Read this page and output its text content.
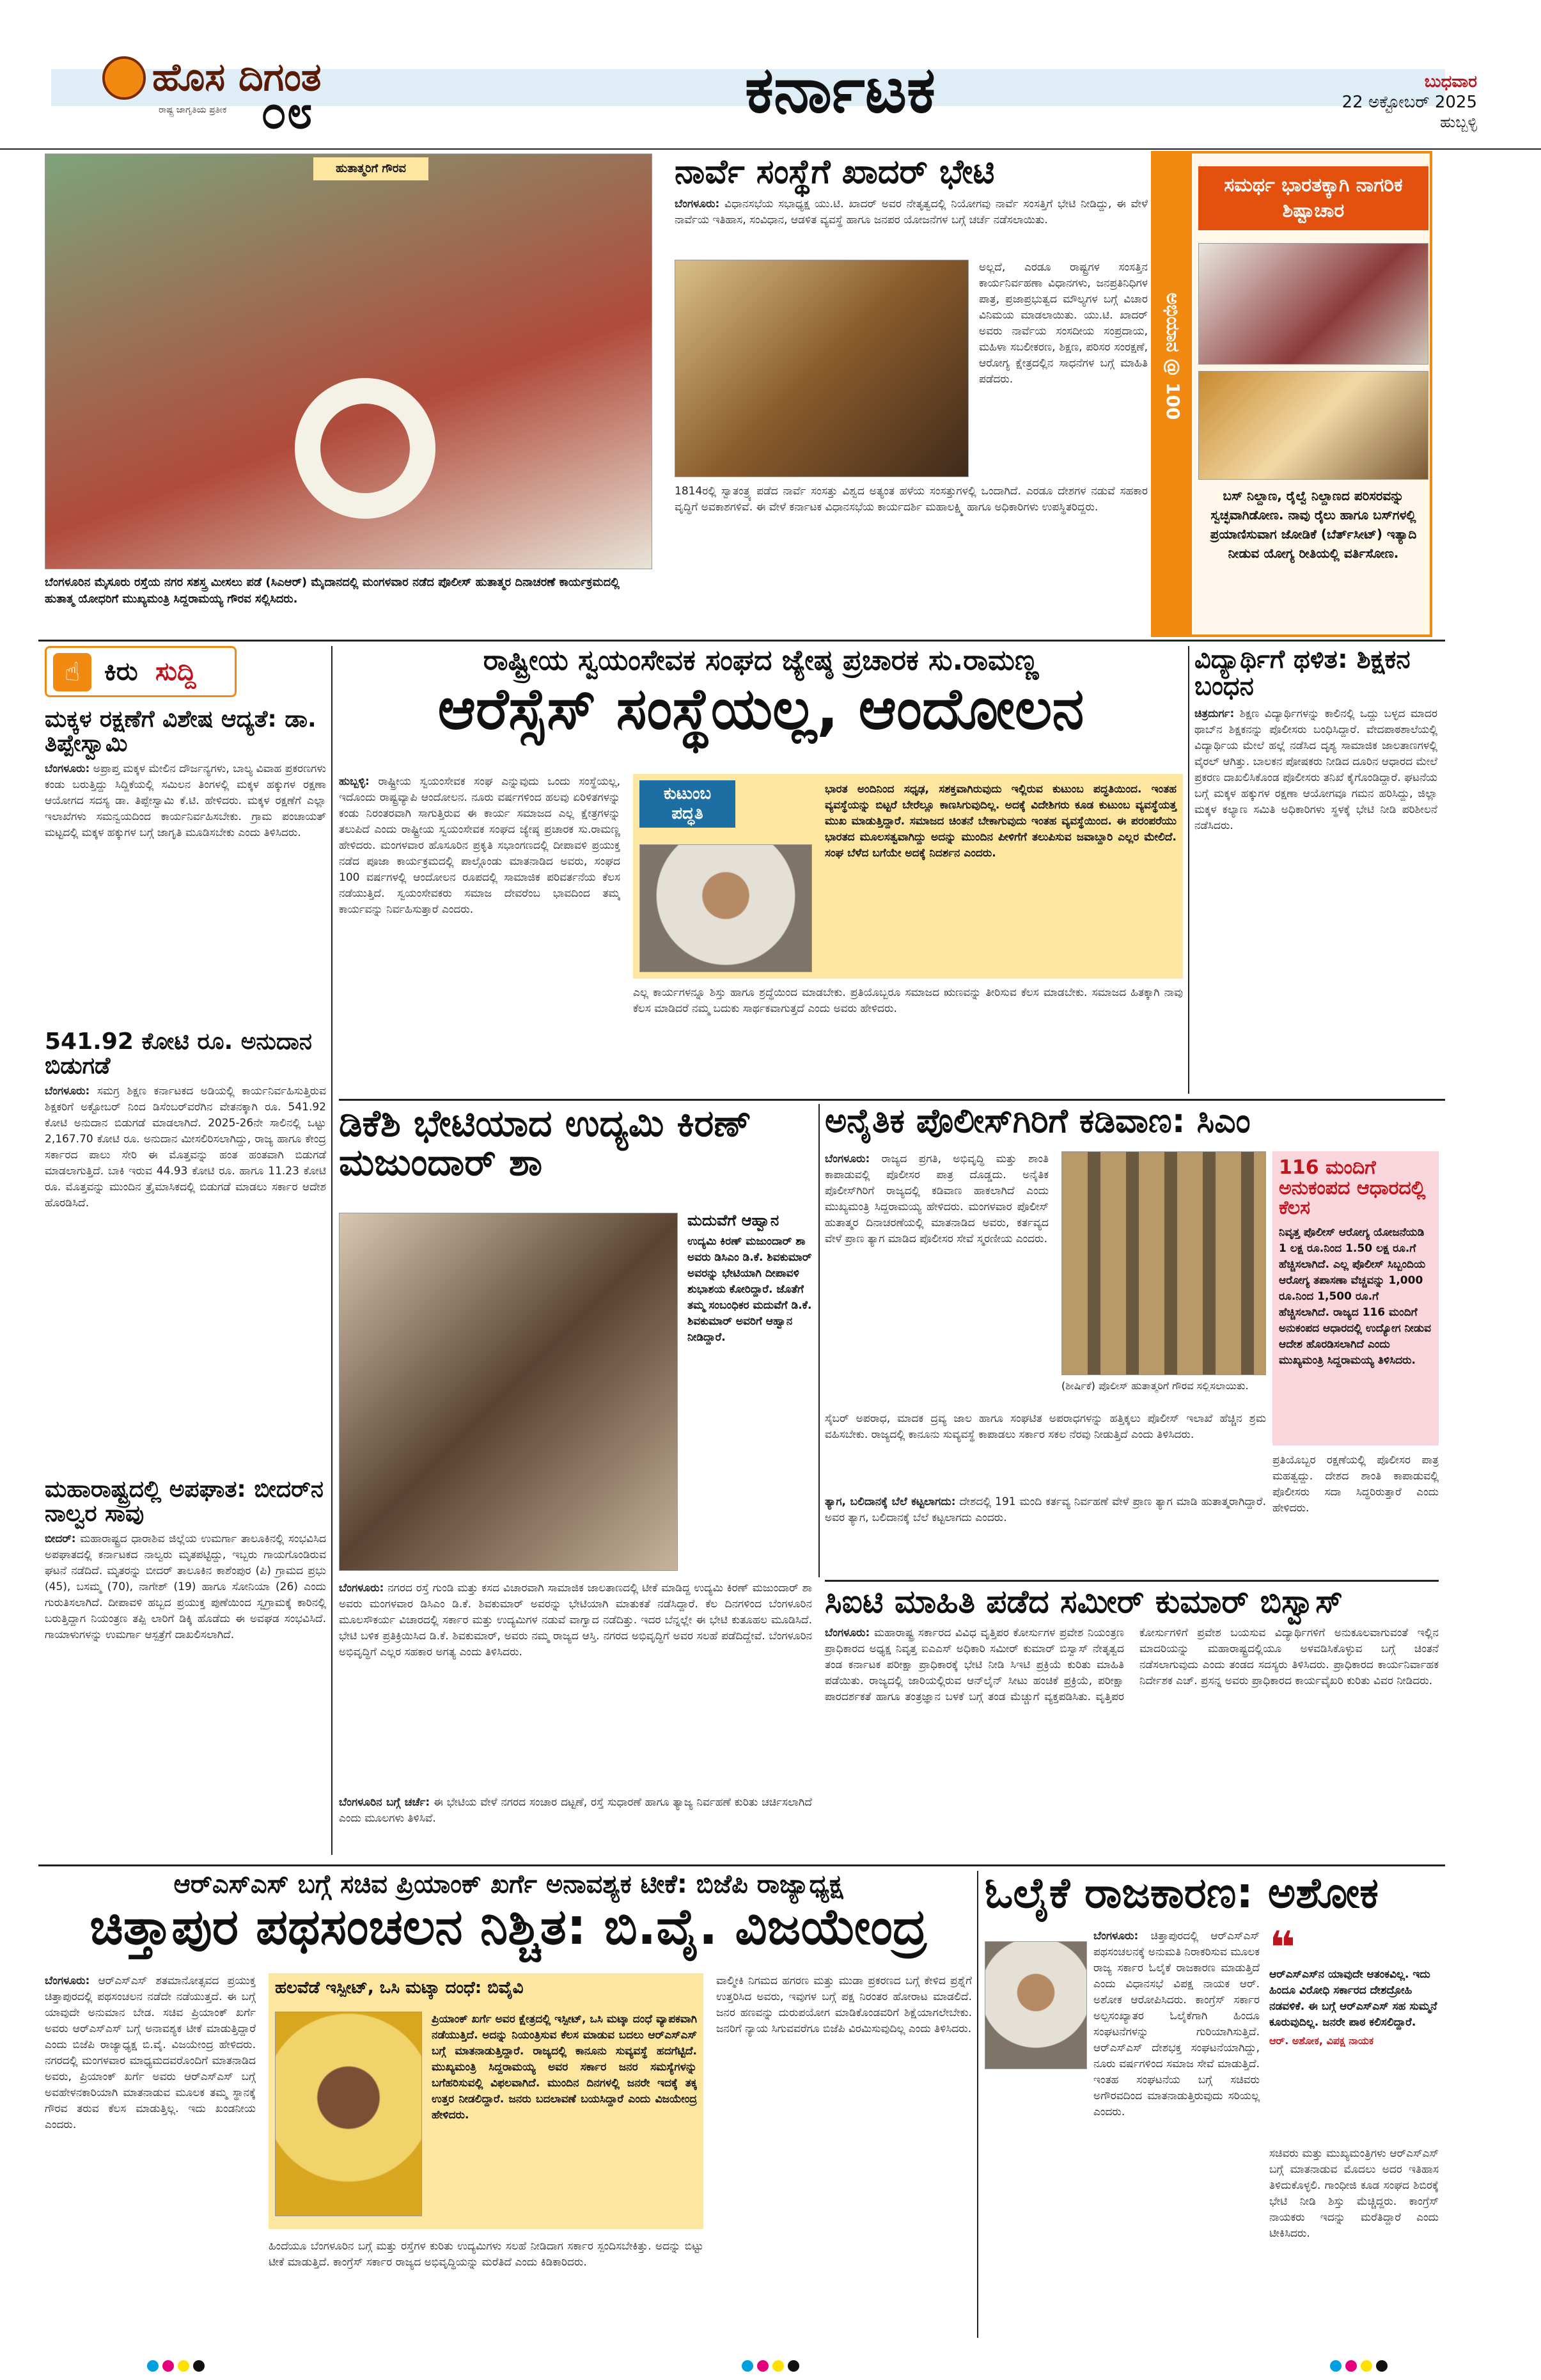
ಹೊಸ ದಿಗಂತ
ರಾಷ್ಟ್ರ ಜಾಗೃತಿಯ ಪ್ರತೀಕ ೦೮	ಕರ್ನಾಟಕ	ಬುಧವಾರ
22 ಅಕ್ಟೋಬರ್ 2025
ಹುಬ್ಬಳ್ಳಿ
ಹುತಾತ್ಮರಿಗೆ ಗೌರವ
ಬೆಂಗಳೂರಿನ ಮೈಸೂರು ರಸ್ತೆಯ ನಗರ ಸಶಸ್ತ್ರ ಮೀಸಲು ಪಡೆ (ಸಿಎಆರ್) ಮೈದಾನದಲ್ಲಿ ಮಂಗಳವಾರ ನಡೆದ ಪೊಲೀಸ್ ಹುತಾತ್ಮರ ದಿನಾಚರಣೆ ಕಾರ್ಯಕ್ರಮದಲ್ಲಿ ಹುತಾತ್ಮ ಯೋಧರಿಗೆ ಮುಖ್ಯಮಂತ್ರಿ ಸಿದ್ದರಾಮಯ್ಯ ಗೌರವ ಸಲ್ಲಿಸಿದರು.
ನಾರ್ವೆ ಸಂಸ್ಥೆಗೆ ಖಾದರ್ ಭೇಟಿ
ಬೆಂಗಳೂರು: ವಿಧಾನಸಭೆಯ ಸಭಾಧ್ಯಕ್ಷ ಯು.ಟಿ. ಖಾದರ್ ಅವರ ನೇತೃತ್ವದಲ್ಲಿ ನಿಯೋಗವು ನಾರ್ವೆ ಸಂಸತ್ತಿಗೆ ಭೇಟಿ ನೀಡಿದ್ದು, ಈ ವೇಳೆ ನಾರ್ವೆಯ ಇತಿಹಾಸ, ಸಂವಿಧಾನ, ಆಡಳಿತ ವ್ಯವಸ್ಥೆ ಹಾಗೂ ಜನಪರ ಯೋಜನೆಗಳ ಬಗ್ಗೆ ಚರ್ಚೆ ನಡೆಸಲಾಯಿತು.
ಅಲ್ಲದೆ, ಎರಡೂ ರಾಷ್ಟ್ರಗಳ ಸಂಸತ್ತಿನ ಕಾರ್ಯನಿರ್ವಹಣಾ ವಿಧಾನಗಳು, ಜನಪ್ರತಿನಿಧಿಗಳ ಪಾತ್ರ, ಪ್ರಜಾಪ್ರಭುತ್ವದ ಮೌಲ್ಯಗಳ ಬಗ್ಗೆ ವಿಚಾರ ವಿನಿಮಯ ಮಾಡಲಾಯಿತು. ಯು.ಟಿ. ಖಾದರ್ ಅವರು ನಾರ್ವೆಯ ಸಂಸದೀಯ ಸಂಪ್ರದಾಯ, ಮಹಿಳಾ ಸಬಲೀಕರಣ, ಶಿಕ್ಷಣ, ಪರಿಸರ ಸಂರಕ್ಷಣೆ, ಆರೋಗ್ಯ ಕ್ಷೇತ್ರದಲ್ಲಿನ ಸಾಧನೆಗಳ ಬಗ್ಗೆ ಮಾಹಿತಿ ಪಡೆದರು.
1814ರಲ್ಲಿ ಸ್ವಾತಂತ್ರ್ಯ ಪಡೆದ ನಾರ್ವೆ ಸಂಸತ್ತು ವಿಶ್ವದ ಅತ್ಯಂತ ಹಳೆಯ ಸಂಸತ್ತುಗಳಲ್ಲಿ ಒಂದಾಗಿದೆ. ಎರಡೂ ದೇಶಗಳ ನಡುವೆ ಸಹಕಾರ ವೃದ್ಧಿಗೆ ಅವಕಾಶಗಳಿವೆ. ಈ ವೇಳೆ ಕರ್ನಾಟಕ ವಿಧಾನಸಭೆಯ ಕಾರ್ಯದರ್ಶಿ ಮಹಾಲಕ್ಷ್ಮಿ ಹಾಗೂ ಅಧಿಕಾರಿಗಳು ಉಪಸ್ಥಿತರಿದ್ದರು.
ಅಭಿಯಾನ @ 100
ಸಮರ್ಥ ಭಾರತಕ್ಕಾಗಿ ನಾಗರಿಕ ಶಿಷ್ಟಾಚಾರ
ಬಸ್ ನಿಲ್ದಾಣ, ರೈಲ್ವೆ ನಿಲ್ದಾಣದ ಪರಿಸರವನ್ನು ಸ್ವಚ್ಛವಾಗಿಡೋಣ. ನಾವು ರೈಲು ಹಾಗೂ ಬಸ್‌ಗಳಲ್ಲಿ ಪ್ರಯಾಣಿಸುವಾಗ ಜೋಡಿಕೆ (ಬೆರ್ತ್‌ಸೀಟ್) ಇತ್ಯಾದಿ ನೀಡುವ ಯೋಗ್ಯ ರೀತಿಯಲ್ಲಿ ವರ್ತಿಸೋಣ.
☝ ಕಿರು ಸುದ್ದಿ
ಮಕ್ಕಳ ರಕ್ಷಣೆಗೆ ವಿಶೇಷ ಆದ್ಯತೆ: ಡಾ. ತಿಪ್ಪೇಸ್ವಾಮಿ
ಬೆಂಗಳೂರು: ಅಪ್ರಾಪ್ತ ಮಕ್ಕಳ ಮೇಲಿನ ದೌರ್ಜನ್ಯಗಳು, ಬಾಲ್ಯ ವಿವಾಹ ಪ್ರಕರಣಗಳು ಕಂಡು ಬರುತ್ತಿದ್ದು ಸಿದ್ದಿಕೆಯಲ್ಲಿ ಸಮಿಲನ ತಿಂಗಳಲ್ಲಿ ಮಕ್ಕಳ ಹಕ್ಕುಗಳ ರಕ್ಷಣಾ ಆಯೋಗದ ಸದಸ್ಯ ಡಾ. ತಿಪ್ಪೇಸ್ವಾಮಿ ಕೆ.ಟಿ. ಹೇಳಿದರು. ಮಕ್ಕಳ ರಕ್ಷಣೆಗೆ ಎಲ್ಲಾ ಇಲಾಖೆಗಳು ಸಮನ್ವಯದಿಂದ ಕಾರ್ಯನಿರ್ವಹಿಸಬೇಕು. ಗ್ರಾಮ ಪಂಚಾಯತ್ ಮಟ್ಟದಲ್ಲಿ ಮಕ್ಕಳ ಹಕ್ಕುಗಳ ಬಗ್ಗೆ ಜಾಗೃತಿ ಮೂಡಿಸಬೇಕು ಎಂದು ತಿಳಿಸಿದರು.
541.92 ಕೋಟಿ ರೂ. ಅನುದಾನ ಬಿಡುಗಡೆ
ಬೆಂಗಳೂರು: ಸಮಗ್ರ ಶಿಕ್ಷಣ ಕರ್ನಾಟಕದ ಅಡಿಯಲ್ಲಿ ಕಾರ್ಯನಿರ್ವಹಿಸುತ್ತಿರುವ ಶಿಕ್ಷಕರಿಗೆ ಅಕ್ಟೋಬರ್ ನಿಂದ ಡಿಸೆಂಬರ್‌ವರೆಗಿನ ವೇತನಕ್ಕಾಗಿ ರೂ. 541.92 ಕೋಟಿ ಅನುದಾನ ಬಿಡುಗಡೆ ಮಾಡಲಾಗಿದೆ. 2025-26ನೇ ಸಾಲಿನಲ್ಲಿ ಒಟ್ಟು 2,167.70 ಕೋಟಿ ರೂ. ಅನುದಾನ ಮೀಸಲಿರಿಸಲಾಗಿದ್ದು, ರಾಜ್ಯ ಹಾಗೂ ಕೇಂದ್ರ ಸರ್ಕಾರದ ಪಾಲು ಸೇರಿ ಈ ಮೊತ್ತವನ್ನು ಹಂತ ಹಂತವಾಗಿ ಬಿಡುಗಡೆ ಮಾಡಲಾಗುತ್ತಿದೆ. ಬಾಕಿ ಇರುವ 44.93 ಕೋಟಿ ರೂ. ಹಾಗೂ 11.23 ಕೋಟಿ ರೂ. ಮೊತ್ತವನ್ನು ಮುಂದಿನ ತ್ರೈಮಾಸಿಕದಲ್ಲಿ ಬಿಡುಗಡೆ ಮಾಡಲು ಸರ್ಕಾರ ಆದೇಶ ಹೊರಡಿಸಿದೆ.
ಮಹಾರಾಷ್ಟ್ರದಲ್ಲಿ ಅಪಘಾತ: ಬೀದರ್‌ನ ನಾಲ್ವರ ಸಾವು
ಬೀದರ್: ಮಹಾರಾಷ್ಟ್ರದ ಧಾರಾಶಿವ ಜಿಲ್ಲೆಯ ಉಮರ್ಗಾ ತಾಲೂಕಿನಲ್ಲಿ ಸಂಭವಿಸಿದ ಅಪಘಾತದಲ್ಲಿ ಕರ್ನಾಟಕದ ನಾಲ್ವರು ಮೃತಪಟ್ಟಿದ್ದು, ಇಬ್ಬರು ಗಾಯಗೊಂಡಿರುವ ಘಟನೆ ನಡೆದಿದೆ. ಮೃತರನ್ನು ಬೀದರ್ ತಾಲೂಕಿನ ಕಾಶೆಂಪುರ (ಪಿ) ಗ್ರಾಮದ ಪ್ರಭು (45), ಬಸಮ್ಮ (70), ನಾಗೇಶ್ (19) ಹಾಗೂ ಸೋನಿಯಾ (26) ಎಂದು ಗುರುತಿಸಲಾಗಿದೆ. ದೀಪಾವಳಿ ಹಬ್ಬದ ಪ್ರಯುಕ್ತ ಪುಣೆಯಿಂದ ಸ್ವಗ್ರಾಮಕ್ಕೆ ಕಾರಿನಲ್ಲಿ ಬರುತ್ತಿದ್ದಾಗ ನಿಯಂತ್ರಣ ತಪ್ಪಿ ಲಾರಿಗೆ ಡಿಕ್ಕಿ ಹೊಡೆದು ಈ ಅವಘಡ ಸಂಭವಿಸಿದೆ. ಗಾಯಾಳುಗಳನ್ನು ಉಮರ್ಗಾ ಆಸ್ಪತ್ರೆಗೆ ದಾಖಲಿಸಲಾಗಿದೆ.
ರಾಷ್ಟ್ರೀಯ ಸ್ವಯಂಸೇವಕ ಸಂಘದ ಜ್ಯೇಷ್ಠ ಪ್ರಚಾರಕ ಸು.ರಾಮಣ್ಣ
ಆರೆಸ್ಸೆಸ್ ಸಂಸ್ಥೆಯಲ್ಲ, ಆಂದೋಲನ
ಹುಬ್ಬಳ್ಳಿ: ರಾಷ್ಟ್ರೀಯ ಸ್ವಯಂಸೇವಕ ಸಂಘ ಎನ್ನುವುದು ಒಂದು ಸಂಸ್ಥೆಯಲ್ಲ, ಇದೊಂದು ರಾಷ್ಟ್ರವ್ಯಾಪಿ ಆಂದೋಲನ. ನೂರು ವರ್ಷಗಳಿಂದ ಹಲವು ಏರಿಳಿತಗಳನ್ನು ಕಂಡು ನಿರಂತರವಾಗಿ ಸಾಗುತ್ತಿರುವ ಈ ಕಾರ್ಯ ಸಮಾಜದ ಎಲ್ಲ ಕ್ಷೇತ್ರಗಳನ್ನು ತಲುಪಿದೆ ಎಂದು ರಾಷ್ಟ್ರೀಯ ಸ್ವಯಂಸೇವಕ ಸಂಘದ ಜ್ಯೇಷ್ಠ ಪ್ರಚಾರಕ ಸು.ರಾಮಣ್ಣ ಹೇಳಿದರು. ಮಂಗಳವಾರ ಹೊಸೂರಿನ ಪ್ರಕೃತಿ ಸಭಾಂಗಣದಲ್ಲಿ ದೀಪಾವಳಿ ಪ್ರಯುಕ್ತ ನಡೆದ ಪೂಜಾ ಕಾರ್ಯಕ್ರಮದಲ್ಲಿ ಪಾಲ್ಗೊಂಡು ಮಾತನಾಡಿದ ಅವರು, ಸಂಘದ 100 ವರ್ಷಗಳಲ್ಲಿ ಆಂದೋಲನ ರೂಪದಲ್ಲಿ ಸಾಮಾಜಿಕ ಪರಿವರ್ತನೆಯ ಕೆಲಸ ನಡೆಯುತ್ತಿದೆ. ಸ್ವಯಂಸೇವಕರು ಸಮಾಜ ದೇವರೆಂಬ ಭಾವದಿಂದ ತಮ್ಮ ಕಾರ್ಯವನ್ನು ನಿರ್ವಹಿಸುತ್ತಾರೆ ಎಂದರು.
ಕುಟುಂಬ
ಪದ್ಧತಿ
ಭಾರತ ಅಂದಿನಿಂದ ಸಧೃಢ, ಸಶಕ್ತವಾಗಿರುವುದು ಇಲ್ಲಿರುವ ಕುಟುಂಬ ಪದ್ಧತಿಯಿಂದ. ಇಂತಹ ವ್ಯವಸ್ಥೆಯನ್ನು ಬಿಟ್ಟರೆ ಬೇರೆಲ್ಲೂ ಕಾಣಸಿಗುವುದಿಲ್ಲ. ಅದಕ್ಕೆ ವಿದೇಶಿಗರು ಕೂಡ ಕುಟುಂಬ ವ್ಯವಸ್ಥೆಯತ್ತ ಮುಖ ಮಾಡುತ್ತಿದ್ದಾರೆ. ಸಮಾಜದ ಚಿಂತನೆ ಬೇಕಾಗುವುದು ಇಂತಹ ವ್ಯವಸ್ಥೆಯಿಂದ. ಈ ಪರಂಪರೆಯು ಭಾರತದ ಮೂಲಸತ್ವವಾಗಿದ್ದು ಅದನ್ನು ಮುಂದಿನ ಪೀಳಿಗೆಗೆ ತಲುಪಿಸುವ ಜವಾಬ್ದಾರಿ ಎಲ್ಲರ ಮೇಲಿದೆ. ಸಂಘ ಬೆಳೆದ ಬಗೆಯೇ ಅದಕ್ಕೆ ನಿದರ್ಶನ ಎಂದರು.
ಎಲ್ಲ ಕಾರ್ಯಗಳನ್ನೂ ಶಿಸ್ತು ಹಾಗೂ ಶ್ರದ್ಧೆಯಿಂದ ಮಾಡಬೇಕು. ಪ್ರತಿಯೊಬ್ಬರೂ ಸಮಾಜದ ಋಣವನ್ನು ತೀರಿಸುವ ಕೆಲಸ ಮಾಡಬೇಕು. ಸಮಾಜದ ಹಿತಕ್ಕಾಗಿ ನಾವು ಕೆಲಸ ಮಾಡಿದರೆ ನಮ್ಮ ಬದುಕು ಸಾರ್ಥಕವಾಗುತ್ತದೆ ಎಂದು ಅವರು ಹೇಳಿದರು.
ವಿದ್ಯಾರ್ಥಿಗೆ ಥಳಿತ: ಶಿಕ್ಷಕನ ಬಂಧನ
ಚಿತ್ರದುರ್ಗ: ಶಿಕ್ಷಣ ವಿದ್ಯಾರ್ಥಿಗಳನ್ನು ಕಾಲಿನಲ್ಲಿ ಒದ್ದು ಬಳ್ಳದ ಮಾದರ ಥಾಬ್‌ನ ಶಿಕ್ಷಕನನ್ನು ಪೊಲೀಸರು ಬಂಧಿಸಿದ್ದಾರೆ. ವೇದಪಾಠಶಾಲೆಯಲ್ಲಿ ವಿದ್ಯಾರ್ಥಿಯ ಮೇಲೆ ಹಲ್ಲೆ ನಡೆಸಿದ ದೃಶ್ಯ ಸಾಮಾಜಿಕ ಜಾಲತಾಣಗಳಲ್ಲಿ ವೈರಲ್ ಆಗಿತ್ತು. ಬಾಲಕನ ಪೋಷಕರು ನೀಡಿದ ದೂರಿನ ಆಧಾರದ ಮೇಲೆ ಪ್ರಕರಣ ದಾಖಲಿಸಿಕೊಂಡ ಪೊಲೀಸರು ತನಿಖೆ ಕೈಗೊಂಡಿದ್ದಾರೆ. ಘಟನೆಯ ಬಗ್ಗೆ ಮಕ್ಕಳ ಹಕ್ಕುಗಳ ರಕ್ಷಣಾ ಆಯೋಗವೂ ಗಮನ ಹರಿಸಿದ್ದು, ಜಿಲ್ಲಾ ಮಕ್ಕಳ ಕಲ್ಯಾಣ ಸಮಿತಿ ಅಧಿಕಾರಿಗಳು ಸ್ಥಳಕ್ಕೆ ಭೇಟಿ ನೀಡಿ ಪರಿಶೀಲನೆ ನಡೆಸಿದರು.
ಡಿಕೆಶಿ ಭೇಟಿಯಾದ ಉದ್ಯಮಿ ಕಿರಣ್ ಮಜುಂದಾರ್ ಶಾ
ಮದುವೆಗೆ ಆಹ್ವಾನ
ಉದ್ಯಮಿ ಕಿರಣ್ ಮಜುಂದಾರ್ ಶಾ ಅವರು ಡಿಸಿಎಂ ಡಿ.ಕೆ. ಶಿವಕುಮಾರ್ ಅವರನ್ನು ಭೇಟಿಯಾಗಿ ದೀಪಾವಳಿ ಶುಭಾಶಯ ಕೋರಿದ್ದಾರೆ. ಜೊತೆಗೆ ತಮ್ಮ ಸಂಬಂಧಿಕರ ಮದುವೆಗೆ ಡಿ.ಕೆ. ಶಿವಕುಮಾರ್ ಅವರಿಗೆ ಆಹ್ವಾನ ನೀಡಿದ್ದಾರೆ.
ಬೆಂಗಳೂರು: ನಗರದ ರಸ್ತೆ ಗುಂಡಿ ಮತ್ತು ಕಸದ ವಿಚಾರವಾಗಿ ಸಾಮಾಜಿಕ ಜಾಲತಾಣದಲ್ಲಿ ಟೀಕೆ ಮಾಡಿದ್ದ ಉದ್ಯಮಿ ಕಿರಣ್ ಮಜುಂದಾರ್ ಶಾ ಅವರು ಮಂಗಳವಾರ ಡಿಸಿಎಂ ಡಿ.ಕೆ. ಶಿವಕುಮಾರ್ ಅವರನ್ನು ಭೇಟಿಯಾಗಿ ಮಾತುಕತೆ ನಡೆಸಿದ್ದಾರೆ. ಕೆಲ ದಿನಗಳಿಂದ ಬೆಂಗಳೂರಿನ ಮೂಲಸೌಕರ್ಯ ವಿಚಾರದಲ್ಲಿ ಸರ್ಕಾರ ಮತ್ತು ಉದ್ಯಮಿಗಳ ನಡುವೆ ವಾಗ್ವಾದ ನಡೆದಿತ್ತು. ಇದರ ಬೆನ್ನಲ್ಲೇ ಈ ಭೇಟಿ ಕುತೂಹಲ ಮೂಡಿಸಿದೆ. ಭೇಟಿ ಬಳಿಕ ಪ್ರತಿಕ್ರಿಯಿಸಿದ ಡಿ.ಕೆ. ಶಿವಕುಮಾರ್, ಅವರು ನಮ್ಮ ರಾಜ್ಯದ ಆಸ್ತಿ. ನಗರದ ಅಭಿವೃದ್ಧಿಗೆ ಅವರ ಸಲಹೆ ಪಡೆದಿದ್ದೇವೆ. ಬೆಂಗಳೂರಿನ ಅಭಿವೃದ್ಧಿಗೆ ಎಲ್ಲರ ಸಹಕಾರ ಅಗತ್ಯ ಎಂದು ತಿಳಿಸಿದರು.
ಬೆಂಗಳೂರಿನ ಬಗ್ಗೆ ಚರ್ಚೆ: ಈ ಭೇಟಿಯ ವೇಳೆ ನಗರದ ಸಂಚಾರ ದಟ್ಟಣೆ, ರಸ್ತೆ ಸುಧಾರಣೆ ಹಾಗೂ ತ್ಯಾಜ್ಯ ನಿರ್ವಹಣೆ ಕುರಿತು ಚರ್ಚಿಸಲಾಗಿದೆ ಎಂದು ಮೂಲಗಳು ತಿಳಿಸಿವೆ.
ಅನೈತಿಕ ಪೊಲೀಸ್‌ಗಿರಿಗೆ ಕಡಿವಾಣ: ಸಿಎಂ
ಬೆಂಗಳೂರು: ರಾಜ್ಯದ ಪ್ರಗತಿ, ಅಭಿವೃದ್ಧಿ ಮತ್ತು ಶಾಂತಿ ಕಾಪಾಡುವಲ್ಲಿ ಪೊಲೀಸರ ಪಾತ್ರ ದೊಡ್ಡದು. ಅನೈತಿಕ ಪೊಲೀಸ್‌ಗಿರಿಗೆ ರಾಜ್ಯದಲ್ಲಿ ಕಡಿವಾಣ ಹಾಕಲಾಗಿದೆ ಎಂದು ಮುಖ್ಯಮಂತ್ರಿ ಸಿದ್ದರಾಮಯ್ಯ ಹೇಳಿದರು. ಮಂಗಳವಾರ ಪೊಲೀಸ್ ಹುತಾತ್ಮರ ದಿನಾಚರಣೆಯಲ್ಲಿ ಮಾತನಾಡಿದ ಅವರು, ಕರ್ತವ್ಯದ ವೇಳೆ ಪ್ರಾಣ ತ್ಯಾಗ ಮಾಡಿದ ಪೊಲೀಸರ ಸೇವೆ ಸ್ಮರಣೀಯ ಎಂದರು.
(ಶೀರ್ಷಿಕೆ) ಪೊಲೀಸ್ ಹುತಾತ್ಮರಿಗೆ ಗೌರವ ಸಲ್ಲಿಸಲಾಯಿತು.
ಸೈಬರ್ ಅಪರಾಧ, ಮಾದಕ ದ್ರವ್ಯ ಜಾಲ ಹಾಗೂ ಸಂಘಟಿತ ಅಪರಾಧಗಳನ್ನು ಹತ್ತಿಕ್ಕಲು ಪೊಲೀಸ್ ಇಲಾಖೆ ಹೆಚ್ಚಿನ ಶ್ರಮ ವಹಿಸಬೇಕು. ರಾಜ್ಯದಲ್ಲಿ ಕಾನೂನು ಸುವ್ಯವಸ್ಥೆ ಕಾಪಾಡಲು ಸರ್ಕಾರ ಸಕಲ ನೆರವು ನೀಡುತ್ತಿದೆ ಎಂದು ತಿಳಿಸಿದರು.
ತ್ಯಾಗ, ಬಲಿದಾನಕ್ಕೆ ಬೆಲೆ ಕಟ್ಟಲಾಗದು: ದೇಶದಲ್ಲಿ 191 ಮಂದಿ ಕರ್ತವ್ಯ ನಿರ್ವಹಣೆ ವೇಳೆ ಪ್ರಾಣ ತ್ಯಾಗ ಮಾಡಿ ಹುತಾತ್ಮರಾಗಿದ್ದಾರೆ. ಅವರ ತ್ಯಾಗ, ಬಲಿದಾನಕ್ಕೆ ಬೆಲೆ ಕಟ್ಟಲಾಗದು ಎಂದರು.
116 ಮಂದಿಗೆ ಅನುಕಂಪದ ಆಧಾರದಲ್ಲಿ ಕೆಲಸ
ನಿವೃತ್ತ ಪೊಲೀಸ್ ಆರೋಗ್ಯ ಯೋಜನೆಯಡಿ 1 ಲಕ್ಷ ರೂ.ನಿಂದ 1.50 ಲಕ್ಷ ರೂ.ಗೆ ಹೆಚ್ಚಿಸಲಾಗಿದೆ. ಎಲ್ಲ ಪೊಲೀಸ್ ಸಿಬ್ಬಂದಿಯ ಆರೋಗ್ಯ ತಪಾಸಣಾ ವೆಚ್ಚವನ್ನು 1,000 ರೂ.ನಿಂದ 1,500 ರೂ.ಗೆ ಹೆಚ್ಚಿಸಲಾಗಿದೆ. ರಾಜ್ಯದ 116 ಮಂದಿಗೆ ಅನುಕಂಪದ ಆಧಾರದಲ್ಲಿ ಉದ್ಯೋಗ ನೀಡುವ ಆದೇಶ ಹೊರಡಿಸಲಾಗಿದೆ ಎಂದು ಮುಖ್ಯಮಂತ್ರಿ ಸಿದ್ದರಾಮಯ್ಯ ತಿಳಿಸಿದರು.
ಪ್ರತಿಯೊಬ್ಬರ ರಕ್ಷಣೆಯಲ್ಲಿ ಪೊಲೀಸರ ಪಾತ್ರ ಮಹತ್ವದ್ದು. ದೇಶದ ಶಾಂತಿ ಕಾಪಾಡುವಲ್ಲಿ ಪೊಲೀಸರು ಸದಾ ಸಿದ್ಧರಿರುತ್ತಾರೆ ಎಂದು ಹೇಳಿದರು.
ಸಿಐಟಿ ಮಾಹಿತಿ ಪಡೆದ ಸಮೀರ್ ಕುಮಾರ್ ಬಿಸ್ವಾಸ್
ಬೆಂಗಳೂರು: ಮಹಾರಾಷ್ಟ್ರ ಸರ್ಕಾರದ ವಿವಿಧ ವೃತ್ತಿಪರ ಕೋರ್ಸುಗಳ ಪ್ರವೇಶ ನಿಯಂತ್ರಣ ಪ್ರಾಧಿಕಾರದ ಅಧ್ಯಕ್ಷ ನಿವೃತ್ತ ಐಎಎಸ್ ಅಧಿಕಾರಿ ಸಮೀರ್ ಕುಮಾರ್ ಬಿಸ್ವಾಸ್ ನೇತೃತ್ವದ ತಂಡ ಕರ್ನಾಟಕ ಪರೀಕ್ಷಾ ಪ್ರಾಧಿಕಾರಕ್ಕೆ ಭೇಟಿ ನೀಡಿ ಸಿಇಟಿ ಪ್ರಕ್ರಿಯೆ ಕುರಿತು ಮಾಹಿತಿ ಪಡೆಯಿತು. ರಾಜ್ಯದಲ್ಲಿ ಜಾರಿಯಲ್ಲಿರುವ ಆನ್‌ಲೈನ್ ಸೀಟು ಹಂಚಿಕೆ ಪ್ರಕ್ರಿಯೆ, ಪರೀಕ್ಷಾ ಪಾರದರ್ಶಕತೆ ಹಾಗೂ ತಂತ್ರಜ್ಞಾನ ಬಳಕೆ ಬಗ್ಗೆ ತಂಡ ಮೆಚ್ಚುಗೆ ವ್ಯಕ್ತಪಡಿಸಿತು. ವೃತ್ತಿಪರ ಕೋರ್ಸುಗಳಿಗೆ ಪ್ರವೇಶ ಬಯಸುವ ವಿದ್ಯಾರ್ಥಿಗಳಿಗೆ ಅನುಕೂಲವಾಗುವಂತೆ ಇಲ್ಲಿನ ಮಾದರಿಯನ್ನು ಮಹಾರಾಷ್ಟ್ರದಲ್ಲಿಯೂ ಅಳವಡಿಸಿಕೊಳ್ಳುವ ಬಗ್ಗೆ ಚಿಂತನೆ ನಡೆಸಲಾಗುವುದು ಎಂದು ತಂಡದ ಸದಸ್ಯರು ತಿಳಿಸಿದರು. ಪ್ರಾಧಿಕಾರದ ಕಾರ್ಯನಿರ್ವಾಹಕ ನಿರ್ದೇಶಕ ಎಚ್. ಪ್ರಸನ್ನ ಅವರು ಪ್ರಾಧಿಕಾರದ ಕಾರ್ಯವೈಖರಿ ಕುರಿತು ವಿವರ ನೀಡಿದರು.
ಆರ್‌ಎಸ್‌ಎಸ್ ಬಗ್ಗೆ ಸಚಿವ ಪ್ರಿಯಾಂಕ್ ಖರ್ಗೆ ಅನಾವಶ್ಯಕ ಟೀಕೆ: ಬಿಜೆಪಿ ರಾಜ್ಯಾಧ್ಯಕ್ಷ
ಚಿತ್ತಾಪುರ ಪಥಸಂಚಲನ ನಿಶ್ಚಿತ: ಬಿ.ವೈ. ವಿಜಯೇಂದ್ರ
ಬೆಂಗಳೂರು: ಆರ್‌ಎಸ್‌ಎಸ್ ಶತಮಾನೋತ್ಸವದ ಪ್ರಯುಕ್ತ ಚಿತ್ತಾಪುರದಲ್ಲಿ ಪಥಸಂಚಲನ ನಡೆದೇ ನಡೆಯುತ್ತದೆ. ಈ ಬಗ್ಗೆ ಯಾವುದೇ ಅನುಮಾನ ಬೇಡ. ಸಚಿವ ಪ್ರಿಯಾಂಕ್ ಖರ್ಗೆ ಅವರು ಆರ್‌ಎಸ್‌ಎಸ್ ಬಗ್ಗೆ ಅನಾವಶ್ಯಕ ಟೀಕೆ ಮಾಡುತ್ತಿದ್ದಾರೆ ಎಂದು ಬಿಜೆಪಿ ರಾಜ್ಯಾಧ್ಯಕ್ಷ ಬಿ.ವೈ. ವಿಜಯೇಂದ್ರ ಹೇಳಿದರು. ನಗರದಲ್ಲಿ ಮಂಗಳವಾರ ಮಾಧ್ಯಮದವರೊಂದಿಗೆ ಮಾತನಾಡಿದ ಅವರು, ಪ್ರಿಯಾಂಕ್ ಖರ್ಗೆ ಅವರು ಆರ್‌ಎಸ್‌ಎಸ್ ಬಗ್ಗೆ ಅವಹೇಳನಕಾರಿಯಾಗಿ ಮಾತನಾಡುವ ಮೂಲಕ ತಮ್ಮ ಸ್ಥಾನಕ್ಕೆ ಗೌರವ ತರುವ ಕೆಲಸ ಮಾಡುತ್ತಿಲ್ಲ. ಇದು ಖಂಡನೀಯ ಎಂದರು.
ಹಲವೆಡೆ ಇಸ್ಪೀಟ್, ಒಸಿ ಮಟ್ಕಾ ದಂಧೆ: ಬಿವೈವಿ
ಪ್ರಿಯಾಂಕ್ ಖರ್ಗೆ ಅವರ ಕ್ಷೇತ್ರದಲ್ಲಿ ಇಸ್ಪೀಟ್, ಒಸಿ ಮಟ್ಕಾ ದಂಧೆ ವ್ಯಾಪಕವಾಗಿ ನಡೆಯುತ್ತಿದೆ. ಅದನ್ನು ನಿಯಂತ್ರಿಸುವ ಕೆಲಸ ಮಾಡುವ ಬದಲು ಆರ್‌ಎಸ್‌ಎಸ್ ಬಗ್ಗೆ ಮಾತನಾಡುತ್ತಿದ್ದಾರೆ. ರಾಜ್ಯದಲ್ಲಿ ಕಾನೂನು ಸುವ್ಯವಸ್ಥೆ ಹದಗೆಟ್ಟಿದೆ. ಮುಖ್ಯಮಂತ್ರಿ ಸಿದ್ದರಾಮಯ್ಯ ಅವರ ಸರ್ಕಾರ ಜನರ ಸಮಸ್ಯೆಗಳನ್ನು ಬಗೆಹರಿಸುವಲ್ಲಿ ವಿಫಲವಾಗಿದೆ. ಮುಂದಿನ ದಿನಗಳಲ್ಲಿ ಜನರೇ ಇದಕ್ಕೆ ತಕ್ಕ ಉತ್ತರ ನೀಡಲಿದ್ದಾರೆ. ಜನರು ಬದಲಾವಣೆ ಬಯಸಿದ್ದಾರೆ ಎಂದು ವಿಜಯೇಂದ್ರ ಹೇಳಿದರು.
ಹಿಂದೆಯೂ ಬೆಂಗಳೂರಿನ ಬಗ್ಗೆ ಮತ್ತು ರಸ್ತೆಗಳ ಕುರಿತು ಉದ್ಯಮಿಗಳು ಸಲಹೆ ನೀಡಿದಾಗ ಸರ್ಕಾರ ಸ್ಪಂದಿಸಬೇಕಿತ್ತು. ಅದನ್ನು ಬಿಟ್ಟು ಟೀಕೆ ಮಾಡುತ್ತಿದೆ. ಕಾಂಗ್ರೆಸ್ ಸರ್ಕಾರ ರಾಜ್ಯದ ಅಭಿವೃದ್ಧಿಯನ್ನು ಮರೆತಿದೆ ಎಂದು ಕಿಡಿಕಾರಿದರು.
ವಾಲ್ಮೀಕಿ ನಿಗಮದ ಹಗರಣ ಮತ್ತು ಮುಡಾ ಪ್ರಕರಣದ ಬಗ್ಗೆ ಕೇಳಿದ ಪ್ರಶ್ನೆಗೆ ಉತ್ತರಿಸಿದ ಅವರು, ಇವುಗಳ ಬಗ್ಗೆ ಪಕ್ಷ ನಿರಂತರ ಹೋರಾಟ ಮಾಡಲಿದೆ. ಜನರ ಹಣವನ್ನು ದುರುಪಯೋಗ ಮಾಡಿಕೊಂಡವರಿಗೆ ಶಿಕ್ಷೆಯಾಗಲೇಬೇಕು. ಜನರಿಗೆ ನ್ಯಾಯ ಸಿಗುವವರೆಗೂ ಬಿಜೆಪಿ ವಿರಮಿಸುವುದಿಲ್ಲ ಎಂದು ತಿಳಿಸಿದರು.
ಓಲೈಕೆ ರಾಜಕಾರಣ: ಅಶೋಕ
ಬೆಂಗಳೂರು: ಚಿತ್ತಾಪುರದಲ್ಲಿ ಆರ್‌ಎಸ್‌ಎಸ್ ಪಥಸಂಚಲನಕ್ಕೆ ಅನುಮತಿ ನಿರಾಕರಿಸುವ ಮೂಲಕ ರಾಜ್ಯ ಸರ್ಕಾರ ಓಲೈಕೆ ರಾಜಕಾರಣ ಮಾಡುತ್ತಿದೆ ಎಂದು ವಿಧಾನಸಭೆ ವಿಪಕ್ಷ ನಾಯಕ ಆರ್. ಅಶೋಕ ಆರೋಪಿಸಿದರು. ಕಾಂಗ್ರೆಸ್ ಸರ್ಕಾರ ಅಲ್ಪಸಂಖ್ಯಾತರ ಓಲೈಕೆಗಾಗಿ ಹಿಂದೂ ಸಂಘಟನೆಗಳನ್ನು ಗುರಿಯಾಗಿಸುತ್ತಿದೆ. ಆರ್‌ಎಸ್‌ಎಸ್ ದೇಶಭಕ್ತ ಸಂಘಟನೆಯಾಗಿದ್ದು, ನೂರು ವರ್ಷಗಳಿಂದ ಸಮಾಜ ಸೇವೆ ಮಾಡುತ್ತಿದೆ. ಇಂತಹ ಸಂಘಟನೆಯ ಬಗ್ಗೆ ಸಚಿವರು ಅಗೌರವದಿಂದ ಮಾತನಾಡುತ್ತಿರುವುದು ಸರಿಯಲ್ಲ ಎಂದರು.
❝
ಆರ್‌ಎಸ್‌ಎಸ್‌ನ ಯಾವುದೇ ಆತಂಕವಿಲ್ಲ. ಇದು ಹಿಂದೂ ವಿರೋಧಿ ಸರ್ಕಾರದ ದೇಶದ್ರೋಹಿ ನಡವಳಿಕೆ. ಈ ಬಗ್ಗೆ ಆರ್‌ಎಸ್‌ಎಸ್ ಸಹ ಸುಮ್ಮನೆ ಕೂರುವುದಿಲ್ಲ. ಜನರೇ ಪಾಠ ಕಲಿಸಲಿದ್ದಾರೆ.
ಆರ್. ಅಶೋಕ, ವಿಪಕ್ಷ ನಾಯಕ
ಸಚಿವರು ಮತ್ತು ಮುಖ್ಯಮಂತ್ರಿಗಳು ಆರ್‌ಎಸ್‌ಎಸ್ ಬಗ್ಗೆ ಮಾತನಾಡುವ ಮೊದಲು ಅದರ ಇತಿಹಾಸ ತಿಳಿದುಕೊಳ್ಳಲಿ. ಗಾಂಧೀಜಿ ಕೂಡ ಸಂಘದ ಶಿಬಿರಕ್ಕೆ ಭೇಟಿ ನೀಡಿ ಶಿಸ್ತು ಮೆಚ್ಚಿದ್ದರು. ಕಾಂಗ್ರೆಸ್ ನಾಯಕರು ಇದನ್ನು ಮರೆತಿದ್ದಾರೆ ಎಂದು ಟೀಕಿಸಿದರು.
